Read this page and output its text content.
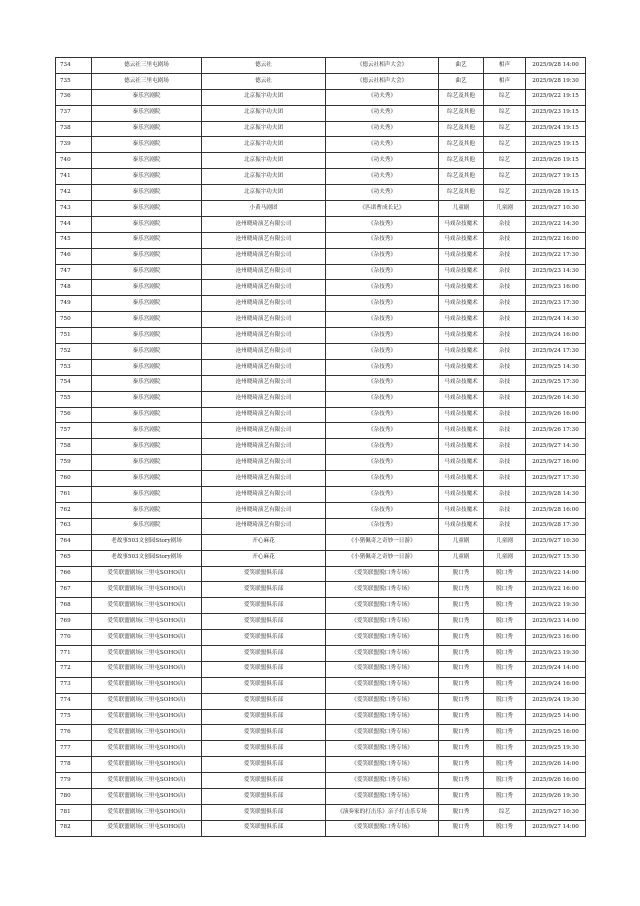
734	德云社三里屯剧场	德云社	《德云社相声大会》	曲艺	相声	2025/9/28 14:00
735	德云社三里屯剧场	德云社	《德云社相声大会》	曲艺	相声	2025/9/28 19:30
736	秦乐宫剧院	北京振宇功夫团	《功夫秀》	综艺及其他	综艺	2025/9/22 19:15
737	秦乐宫剧院	北京振宇功夫团	《功夫秀》	综艺及其他	综艺	2025/9/23 19:15
738	秦乐宫剧院	北京振宇功夫团	《功夫秀》	综艺及其他	综艺	2025/9/24 19:15
739	秦乐宫剧院	北京振宇功夫团	《功夫秀》	综艺及其他	综艺	2025/9/25 19:15
740	秦乐宫剧院	北京振宇功夫团	《功夫秀》	综艺及其他	综艺	2025/9/26 19:15
741	秦乐宫剧院	北京振宇功夫团	《功夫秀》	综艺及其他	综艺	2025/9/27 19:15
742	秦乐宫剧院	北京振宇功夫团	《功夫秀》	综艺及其他	综艺	2025/9/28 19:15
743	秦乐宫剧院	小黄马剧团	《匹诺曹成长记》	儿童剧	儿童剧	2025/9/27 10:30
744	秦乐宫剧院	沧州晓琦演艺有限公司	《杂技秀》	马戏杂技魔术	杂技	2025/9/22 14:30
745	秦乐宫剧院	沧州晓琦演艺有限公司	《杂技秀》	马戏杂技魔术	杂技	2025/9/22 16:00
746	秦乐宫剧院	沧州晓琦演艺有限公司	《杂技秀》	马戏杂技魔术	杂技	2025/9/22 17:30
747	秦乐宫剧院	沧州晓琦演艺有限公司	《杂技秀》	马戏杂技魔术	杂技	2025/9/23 14:30
748	秦乐宫剧院	沧州晓琦演艺有限公司	《杂技秀》	马戏杂技魔术	杂技	2025/9/23 16:00
749	秦乐宫剧院	沧州晓琦演艺有限公司	《杂技秀》	马戏杂技魔术	杂技	2025/9/23 17:30
750	秦乐宫剧院	沧州晓琦演艺有限公司	《杂技秀》	马戏杂技魔术	杂技	2025/9/24 14:30
751	秦乐宫剧院	沧州晓琦演艺有限公司	《杂技秀》	马戏杂技魔术	杂技	2025/9/24 16:00
752	秦乐宫剧院	沧州晓琦演艺有限公司	《杂技秀》	马戏杂技魔术	杂技	2025/9/24 17:30
753	秦乐宫剧院	沧州晓琦演艺有限公司	《杂技秀》	马戏杂技魔术	杂技	2025/9/25 14:30
754	秦乐宫剧院	沧州晓琦演艺有限公司	《杂技秀》	马戏杂技魔术	杂技	2025/9/25 17:30
755	秦乐宫剧院	沧州晓琦演艺有限公司	《杂技秀》	马戏杂技魔术	杂技	2025/9/26 14:30
756	秦乐宫剧院	沧州晓琦演艺有限公司	《杂技秀》	马戏杂技魔术	杂技	2025/9/26 16:00
757	秦乐宫剧院	沧州晓琦演艺有限公司	《杂技秀》	马戏杂技魔术	杂技	2025/9/26 17:30
758	秦乐宫剧院	沧州晓琦演艺有限公司	《杂技秀》	马戏杂技魔术	杂技	2025/9/27 14:30
759	秦乐宫剧院	沧州晓琦演艺有限公司	《杂技秀》	马戏杂技魔术	杂技	2025/9/27 16:00
760	秦乐宫剧院	沧州晓琦演艺有限公司	《杂技秀》	马戏杂技魔术	杂技	2025/9/27 17:30
761	秦乐宫剧院	沧州晓琦演艺有限公司	《杂技秀》	马戏杂技魔术	杂技	2025/9/28 14:30
762	秦乐宫剧院	沧州晓琦演艺有限公司	《杂技秀》	马戏杂技魔术	杂技	2025/9/28 16:00
763	秦乐宫剧院	沧州晓琦演艺有限公司	《杂技秀》	马戏杂技魔术	杂技	2025/9/28 17:30
764	老故事503文创园Story剧场	开心麻花	《小猪佩奇之奇妙一日游》	儿童剧	儿童剧	2025/9/27 10:30
765	老故事503文创园Story剧场	开心麻花	《小猪佩奇之奇妙一日游》	儿童剧	儿童剧	2025/9/27 15:30
766	爱笑联盟剧场(三里屯SOHO店)	爱笑联盟俱乐部	《爱笑联盟脱口秀专场》	脱口秀	脱口秀	2025/9/22 14:00
767	爱笑联盟剧场(三里屯SOHO店)	爱笑联盟俱乐部	《爱笑联盟脱口秀专场》	脱口秀	脱口秀	2025/9/22 16:00
768	爱笑联盟剧场(三里屯SOHO店)	爱笑联盟俱乐部	《爱笑联盟脱口秀专场》	脱口秀	脱口秀	2025/9/22 19:30
769	爱笑联盟剧场(三里屯SOHO店)	爱笑联盟俱乐部	《爱笑联盟脱口秀专场》	脱口秀	脱口秀	2025/9/23 14:00
770	爱笑联盟剧场(三里屯SOHO店)	爱笑联盟俱乐部	《爱笑联盟脱口秀专场》	脱口秀	脱口秀	2025/9/23 16:00
771	爱笑联盟剧场(三里屯SOHO店)	爱笑联盟俱乐部	《爱笑联盟脱口秀专场》	脱口秀	脱口秀	2025/9/23 19:30
772	爱笑联盟剧场(三里屯SOHO店)	爱笑联盟俱乐部	《爱笑联盟脱口秀专场》	脱口秀	脱口秀	2025/9/24 14:00
773	爱笑联盟剧场(三里屯SOHO店)	爱笑联盟俱乐部	《爱笑联盟脱口秀专场》	脱口秀	脱口秀	2025/9/24 16:00
774	爱笑联盟剧场(三里屯SOHO店)	爱笑联盟俱乐部	《爱笑联盟脱口秀专场》	脱口秀	脱口秀	2025/9/24 19:30
775	爱笑联盟剧场(三里屯SOHO店)	爱笑联盟俱乐部	《爱笑联盟脱口秀专场》	脱口秀	脱口秀	2025/9/25 14:00
776	爱笑联盟剧场(三里屯SOHO店)	爱笑联盟俱乐部	《爱笑联盟脱口秀专场》	脱口秀	脱口秀	2025/9/25 16:00
777	爱笑联盟剧场(三里屯SOHO店)	爱笑联盟俱乐部	《爱笑联盟脱口秀专场》	脱口秀	脱口秀	2025/9/25 19:30
778	爱笑联盟剧场(三里屯SOHO店)	爱笑联盟俱乐部	《爱笑联盟脱口秀专场》	脱口秀	脱口秀	2025/9/26 14:00
779	爱笑联盟剧场(三里屯SOHO店)	爱笑联盟俱乐部	《爱笑联盟脱口秀专场》	脱口秀	脱口秀	2025/9/26 16:00
780	爱笑联盟剧场(三里屯SOHO店)	爱笑联盟俱乐部	《爱笑联盟脱口秀专场》	脱口秀	脱口秀	2025/9/26 19:30
781	爱笑联盟剧场(三里屯SOHO店)	爱笑联盟俱乐部	《演奏家的打击乐》亲子打击乐专场	脱口秀	综艺	2025/9/27 10:30
782	爱笑联盟剧场(三里屯SOHO店)	爱笑联盟俱乐部	《爱笑联盟脱口秀专场》	脱口秀	脱口秀	2025/9/27 14:00
